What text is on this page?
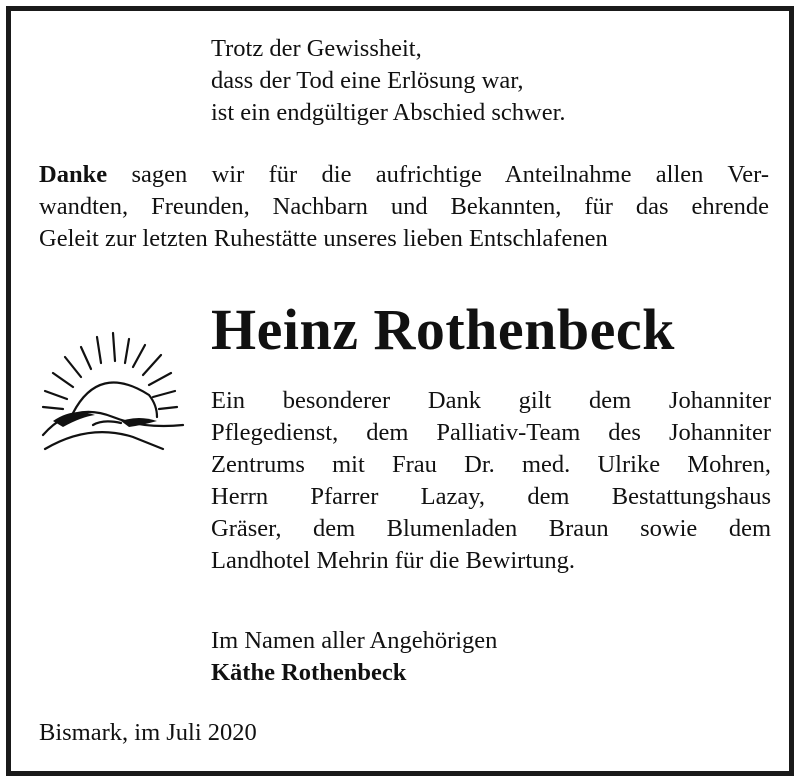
Trotz der Gewissheit,
dass der Tod eine Erlösung war,
ist ein endgültiger Abschied schwer.
Danke sagen wir für die aufrichtige Anteilnahme allen Ver-
wandten, Freunden, Nachbarn und Bekannten, für das ehrende
Geleit zur letzten Ruhestätte unseres lieben Entschlafenen
Heinz Rothenbeck
Ein besonderer Dank gilt dem Johanniter
Pflegedienst, dem Palliativ-Team des Johanniter
Zentrums mit Frau Dr. med. Ulrike Mohren,
Herrn Pfarrer Lazay, dem Bestattungshaus
Gräser, dem Blumenladen Braun sowie dem
Landhotel Mehrin für die Bewirtung.
Im Namen aller Angehörigen
Käthe Rothenbeck
Bismark, im Juli 2020
